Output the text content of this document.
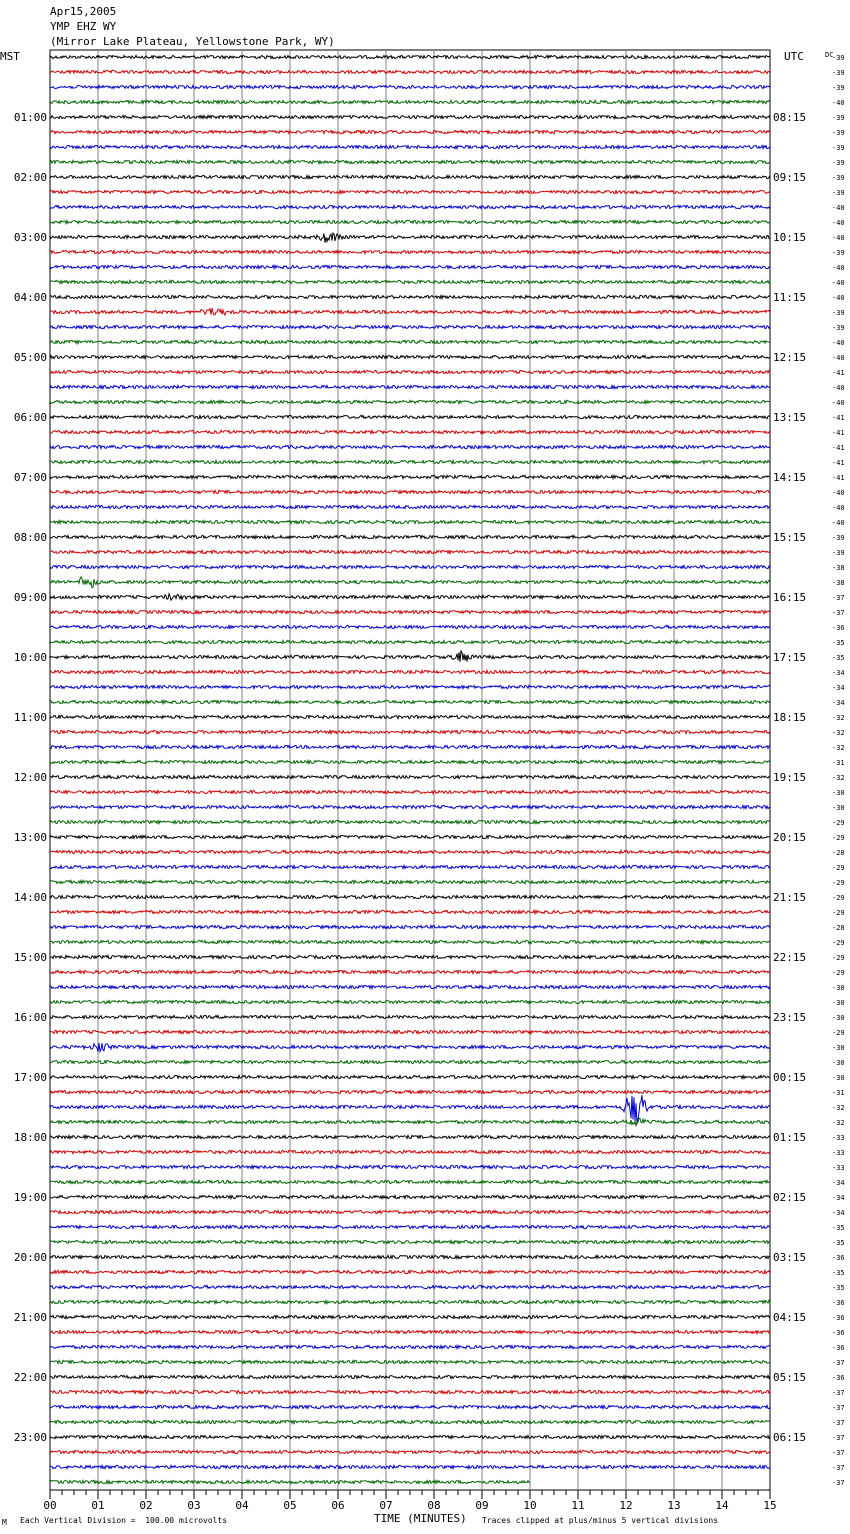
Apr15,2005
YMP EHZ WY
(Mirror Lake Plateau, Yellowstone Park, WY)
MST	UTC	-39
-39
-39
-40
-39
-39
-39
-39
-39
-39
-40
-40
-40
-39
-40
-40
-40
-39
-39
-40
-40
-41
-40
-40
-41
-41
-41
-41
-41
-40
-40
-40
-39
-39
-38
-38
-37
-37
-36
-35
-35
-34
-34
-34
-32
-32
-32
-31
-32
-30
-30
-29
-29
-28
-29
-29
-29
-29
-28
-29
-29
-29
-30
-30
-30
-29
-30
-30
-30
-31
-32
-32
-33
-33
-33
-34
-34
-34
-35
-35
-36
-35
-35
-36
-36
-36
-36
-37
-36
-37
-37
-37
-37
-37
-37
-37
DC
01:00
02:00
03:00
04:00
05:00
06:00
07:00
08:00
09:00
10:00
11:00
12:00
13:00
14:00
15:00
16:00
17:00
18:00
19:00
20:00
21:00
22:00
23:00
08:15
09:15
10:15
11:15
12:15
13:15
14:15
15:15
16:15
17:15
18:15
19:15
20:15
21:15
22:15
23:15
00:15
01:15
02:15
03:15
04:15
05:15
06:15
00	01	02	03	04	05	06	07	08	09	10	11	12	13	14	15
M Each Vertical Division =  100.00 microvolts	TIME (MINUTES) Traces clipped at plus/minus 5 vertical divisions
